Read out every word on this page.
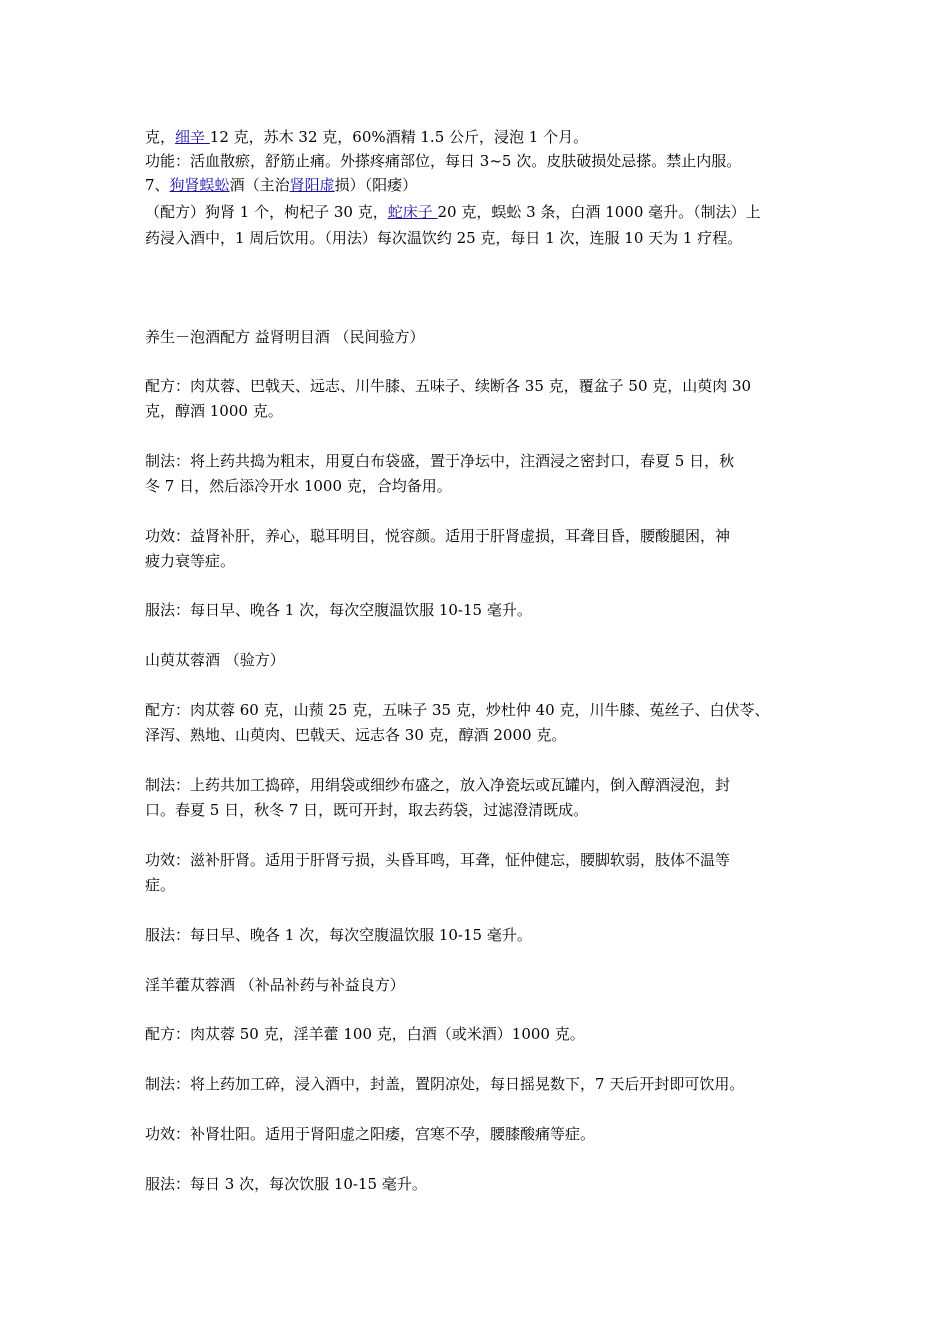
克，细辛 12 克，苏木 32 克，60%酒精 1.5 公斤，浸泡 1 个月。
功能：活血散瘀，舒筋止痛。外搽疼痛部位，每日 3~5 次。皮肤破损处忌搽。禁止内服。
7、狗肾蜈蚣酒（主治肾阳虚损）（阳痿）
（配方）狗肾 1 个，枸杞子 30 克，蛇床子 20 克，蜈蚣 3 条，白酒 1000 毫升。（制法）上
药浸入酒中，1 周后饮用。（用法）每次温饮约 25 克，每日 1 次，连服 10 天为 1 疗程。
养生－泡酒配方 益肾明目酒 （民间验方）
配方：肉苁蓉、巴戟天、远志、川牛膝、五味子、续断各 35 克，覆盆子 50 克，山萸肉 30
克，醇酒 1000 克。
制法：将上药共捣为粗末，用夏白布袋盛，置于净坛中，注酒浸之密封口，春夏 5 日，秋
冬 7 日，然后添冷开水 1000 克，合均备用。
功效：益肾补肝，养心，聪耳明目，悦容颜。适用于肝肾虚损，耳聋目昏，腰酸腿困，神
疲力衰等症。
服法：每日早、晚各 1 次，每次空腹温饮服 10-15 毫升。
山萸苁蓉酒 （验方）
配方：肉苁蓉 60 克，山蓣 25 克，五味子 35 克，炒杜仲 40 克，川牛膝、菟丝子、白伏苓、
泽泻、熟地、山萸肉、巴戟天、远志各 30 克，醇酒 2000 克。
制法：上药共加工捣碎，用绢袋或细纱布盛之，放入净瓷坛或瓦罐内，倒入醇酒浸泡，封
口。春夏 5 日，秋冬 7 日，既可开封，取去药袋，过滤澄清既成。
功效：滋补肝肾。适用于肝肾亏损，头昏耳鸣，耳聋，怔仲健忘，腰脚软弱，肢体不温等
症。
服法：每日早、晚各 1 次，每次空腹温饮服 10-15 毫升。
淫羊藿苁蓉酒 （补品补药与补益良方）
配方：肉苁蓉 50 克，淫羊藿 100 克，白酒（或米酒）1000 克。
制法：将上药加工碎，浸入酒中，封盖，置阴凉处，每日摇晃数下，7 天后开封即可饮用。
功效：补肾壮阳。适用于肾阳虚之阳痿，宫寒不孕，腰膝酸痛等症。
服法：每日 3 次，每次饮服 10-15 毫升。
